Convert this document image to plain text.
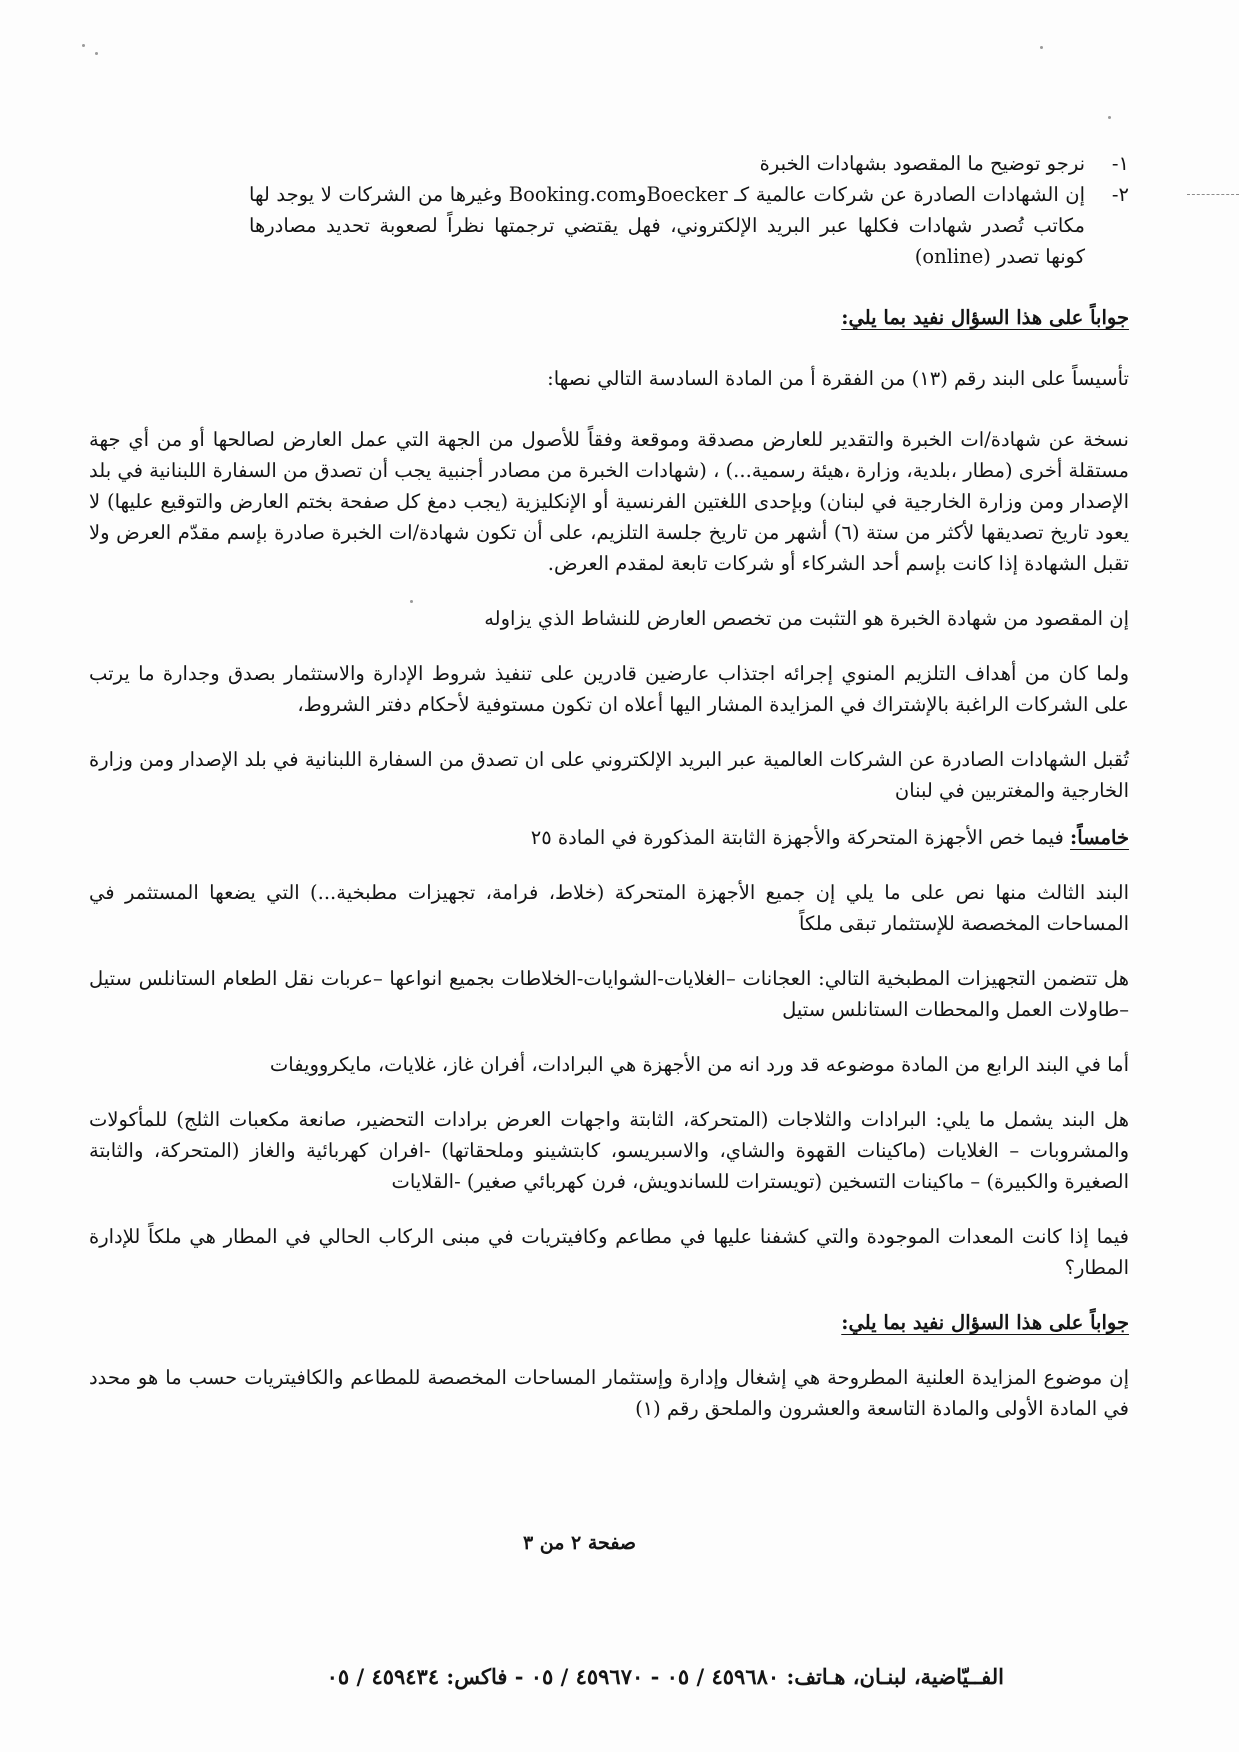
١-
نرجو توضيح ما المقصود بشهادات الخبرة
٢-
إن الشهادات الصادرة عن شركات عالمية كـ BoeckerوBooking.com وغيرها من الشركات لا يوجد لها مكاتب تُصدر شهادات فكلها عبر البريد الإلكتروني، فهل يقتضي ترجمتها نظراً لصعوبة تحديد مصادرها كونها تصدر (online)

جواباً على هذا السؤال نفيد بما يلي:

تأسيساً على البند رقم (١٣) من الفقرة أ من المادة السادسة التالي نصها:

نسخة عن شهادة/ات الخبرة والتقدير للعارض مصدقة وموقعة وفقاً للأصول من الجهة التي عمل العارض لصالحها أو من أي جهة مستقلة أخرى (مطار ،بلدية، وزارة ،هيئة رسمية...) ، (شهادات الخبرة من مصادر أجنبية يجب أن تصدق من السفارة اللبنانية في بلد الإصدار ومن وزارة الخارجية في لبنان) وبإحدى اللغتين الفرنسية أو الإنكليزية (يجب دمغ كل صفحة بختم العارض والتوقيع عليها) لا يعود تاريخ تصديقها لأكثر من ستة (٦) أشهر من تاريخ جلسة التلزيم، على أن تكون شهادة/ات الخبرة صادرة بإسم مقدّم العرض ولا تقبل الشهادة إذا كانت بإسم أحد الشركاء أو شركات تابعة لمقدم العرض.

إن المقصود من شهادة الخبرة هو التثبت من تخصص العارض للنشاط الذي يزاوله

ولما كان من أهداف التلزيم المنوي إجرائه اجتذاب عارضين قادرين على تنفيذ شروط الإدارة والاستثمار بصدق وجدارة ما يرتب على الشركات الراغبة بالإشتراك في المزايدة المشار اليها أعلاه ان تكون مستوفية لأحكام دفتر الشروط،

تُقبل الشهادات الصادرة عن الشركات العالمية عبر البريد الإلكتروني على ان تصدق من السفارة اللبنانية في بلد الإصدار ومن وزارة الخارجية والمغتربين في لبنان

خامساً: فيما خص الأجهزة المتحركة والأجهزة الثابتة المذكورة في المادة ٢٥

البند الثالث منها نص على ما يلي إن جميع الأجهزة المتحركة (خلاط، فرامة، تجهيزات مطبخية...) التي يضعها المستثمر في المساحات المخصصة للإستثمار تبقى ملكاً

هل تتضمن التجهيزات المطبخية التالي: العجانات –الغلايات-الشوايات-الخلاطات بجميع انواعها –عربات نقل الطعام الستانلس ستيل –طاولات العمل والمحطات الستانلس ستيل

أما في البند الرابع من المادة موضوعه قد ورد انه من الأجهزة هي البرادات، أفران غاز، غلايات، مايكروويفات

هل البند يشمل ما يلي: البرادات والثلاجات (المتحركة، الثابتة واجهات العرض برادات التحضير، صانعة مكعبات الثلج) للمأكولات والمشروبات – الغلايات (ماكينات القهوة والشاي، والاسبريسو، كابتشينو وملحقاتها) -افران كهربائية والغاز (المتحركة، والثابتة الصغيرة والكبيرة) – ماكينات التسخين (تويسترات للساندويش، فرن كهربائي صغير) -القلايات

فيما إذا كانت المعدات الموجودة والتي كشفنا عليها في مطاعم وكافيتريات في مبنى الركاب الحالي في المطار هي ملكاً للإدارة المطار؟

جواباً على هذا السؤال نفيد بما يلي:

إن موضوع المزايدة العلنية المطروحة هي إشغال وإدارة وإستثمار المساحات المخصصة للمطاعم والكافيتريات حسب ما هو محدد في المادة الأولى والمادة التاسعة والعشرون والملحق رقم (١)

صفحة ٢ من ٣
الفــيّاضية، لبنـان، هـاتف: ٤٥٩٦٨٠ / ٠٥ - ٤٥٩٦٧٠ / ٠٥ - فاكس: ٤٥٩٤٣٤ / ٠٥
